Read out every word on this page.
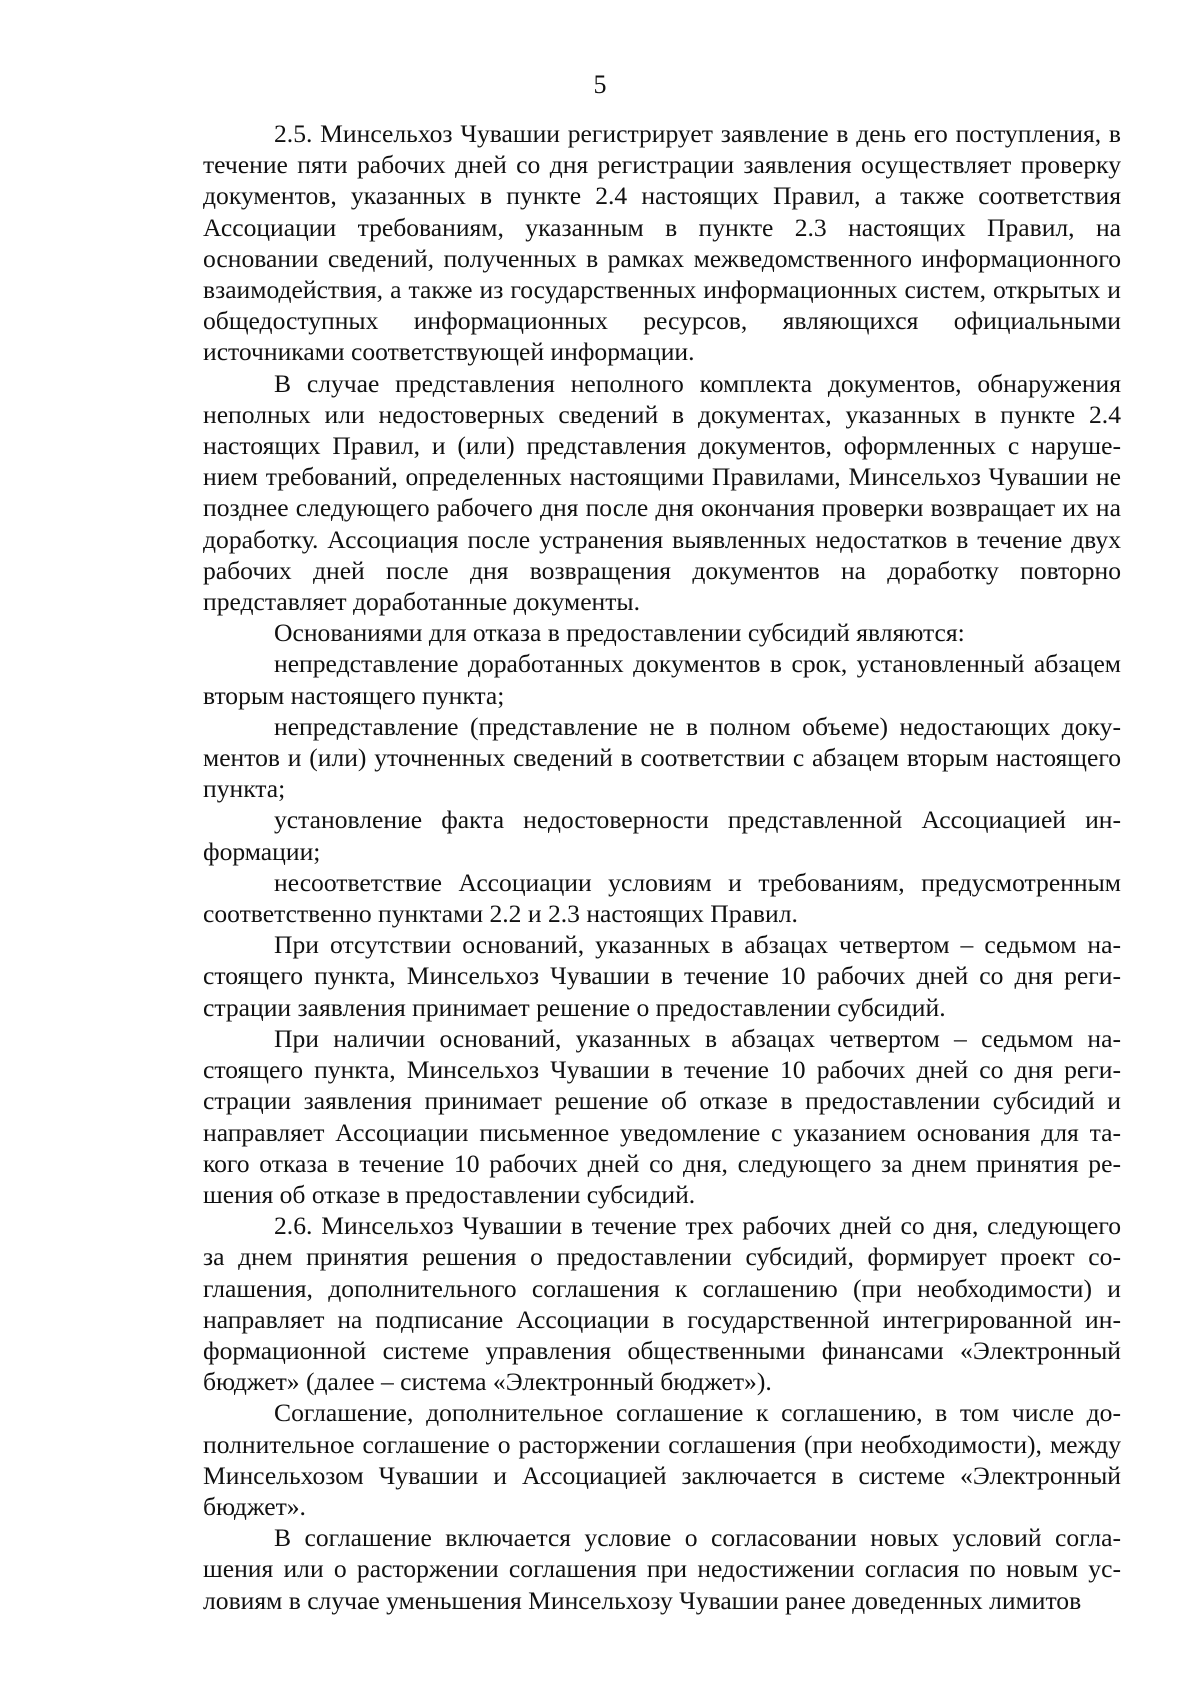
5

2.5. Минсельхоз Чувашии регистрирует заявление в день его поступления, в течение пяти рабочих дней со дня регистрации заявления осуществляет проверку документов, указанных в пункте 2.4 настоящих Правил, а также соответствия Ассоциации требованиям, указанным в пункте 2.3 настоящих Правил, на основании сведений, полученных в рамках межведомственного информационного взаимодействия, а также из государственных информационных систем, открытых и общедоступных информационных ресурсов, являющихся официальными источниками соответствующей информации.

В случае представления неполного комплекта документов, обнаружения неполных или недостоверных сведений в документах, указанных в пункте 2.4 настоящих Правил, и (или) представления документов, оформленных с нарушением требований, определенных настоящими Правилами, Минсельхоз Чувашии не позднее следующего рабочего дня после дня окончания проверки возвращает их на доработку. Ассоциация после устранения выявленных недостатков в течение двух рабочих дней после дня возвращения документов на доработку повторно представляет доработанные документы.

Основаниями для отказа в предоставлении субсидий являются:

непредставление доработанных документов в срок, установленный абзацем вторым настоящего пункта;

непредставление (представление не в полном объеме) недостающих документов и (или) уточненных сведений в соответствии с абзацем вторым настоящего пункта;

установление факта недостоверности представленной Ассоциацией информации;

несоответствие Ассоциации условиям и требованиям, предусмотренным соответственно пунктами 2.2 и 2.3 настоящих Правил.

При отсутствии оснований, указанных в абзацах четвертом – седьмом настоящего пункта, Минсельхоз Чувашии в течение 10 рабочих дней со дня регистрации заявления принимает решение о предоставлении субсидий.

При наличии оснований, указанных в абзацах четвертом – седьмом настоящего пункта, Минсельхоз Чувашии в течение 10 рабочих дней со дня регистрации заявления принимает решение об отказе в предоставлении субсидий и направляет Ассоциации письменное уведомление с указанием основания для такого отказа в течение 10 рабочих дней со дня, следующего за днем принятия решения об отказе в предоставлении субсидий.

2.6. Минсельхоз Чувашии в течение трех рабочих дней со дня, следующего за днем принятия решения о предоставлении субсидий, формирует проект соглашения, дополнительного соглашения к соглашению (при необходимости) и направляет на подписание Ассоциации в государственной интегрированной информационной системе управления общественными финансами «Электронный бюджет» (далее – система «Электронный бюджет»).

Соглашение, дополнительное соглашение к соглашению, в том числе дополнительное соглашение о расторжении соглашения (при необходимости), между Минсельхозом Чувашии и Ассоциацией заключается в системе «Электронный бюджет».

В соглашение включается условие о согласовании новых условий соглашения или о расторжении соглашения при недостижении согласия по новым условиям в случае уменьшения Минсельхозу Чувашии ранее доведенных лимитов
